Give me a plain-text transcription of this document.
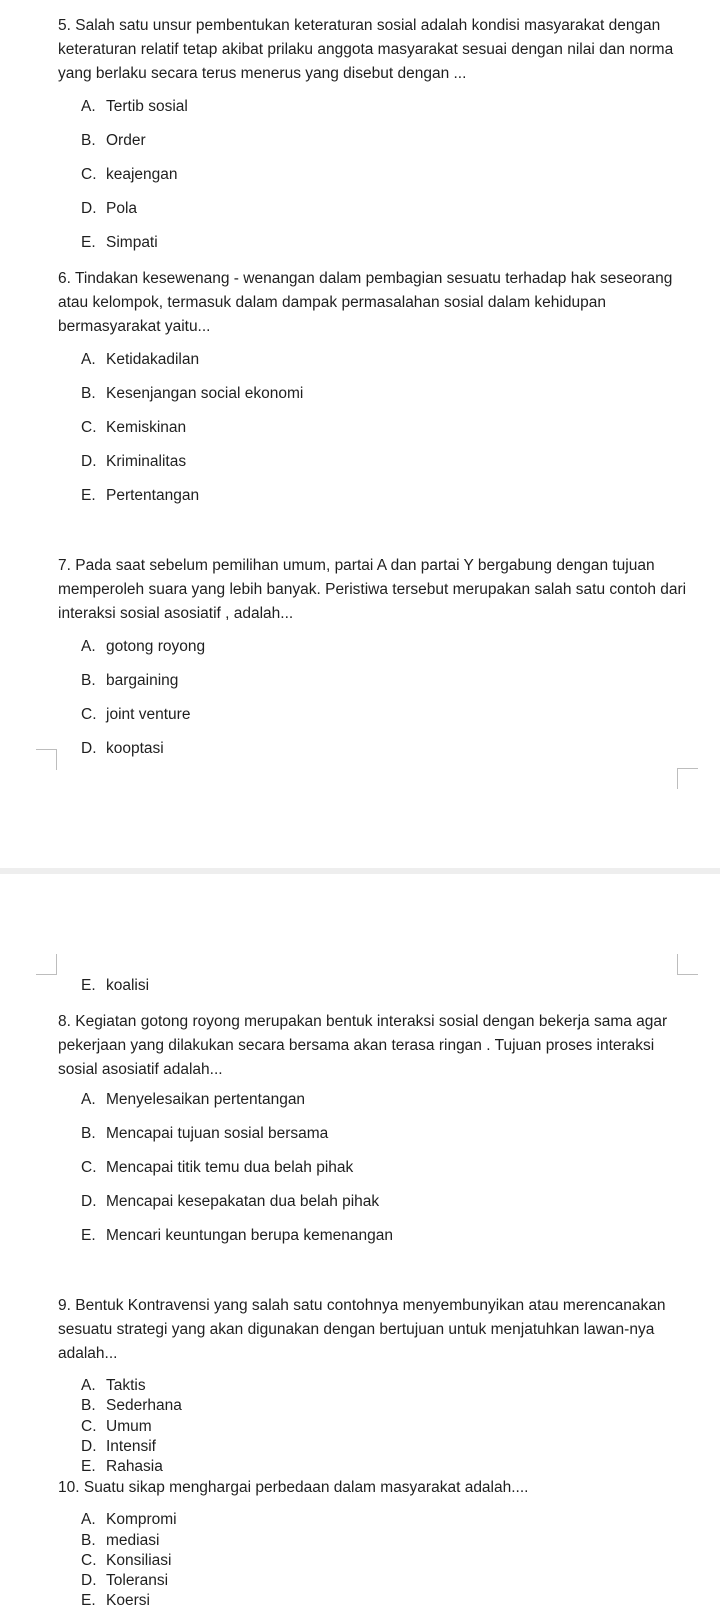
5. Salah satu unsur pembentukan keteraturan sosial adalah kondisi masyarakat dengan keteraturan relatif tetap akibat prilaku anggota masyarakat sesuai dengan nilai dan norma yang berlaku secara terus menerus yang disebut dengan ...
A. Tertib sosial
B. Order
C. keajengan
D. Pola
E. Simpati
6. Tindakan kesewenang - wenangan dalam pembagian sesuatu terhadap hak seseorang atau kelompok, termasuk dalam dampak permasalahan sosial dalam kehidupan bermasyarakat yaitu...
A. Ketidakadilan
B. Kesenjangan social ekonomi
C. Kemiskinan
D. Kriminalitas
E. Pertentangan
7. Pada saat sebelum pemilihan umum, partai A dan partai Y bergabung dengan tujuan memperoleh suara yang lebih banyak. Peristiwa tersebut merupakan salah satu contoh dari interaksi sosial asosiatif , adalah...
A. gotong royong
B. bargaining
C. joint venture
D. kooptasi
E. koalisi
8. Kegiatan gotong royong merupakan bentuk interaksi sosial dengan bekerja sama agar pekerjaan yang dilakukan secara bersama akan terasa ringan . Tujuan proses interaksi sosial asosiatif adalah...
A. Menyelesaikan pertentangan
B. Mencapai tujuan sosial bersama
C. Mencapai titik temu dua belah pihak
D. Mencapai kesepakatan dua belah pihak
E. Mencari keuntungan berupa kemenangan
9. Bentuk Kontravensi yang salah satu contohnya menyembunyikan atau merencanakan sesuatu strategi yang akan digunakan dengan bertujuan untuk menjatuhkan lawan-nya adalah...
A. Taktis
B. Sederhana
C. Umum
D. Intensif
E. Rahasia
10. Suatu sikap menghargai perbedaan dalam masyarakat adalah....
A. Kompromi
B. mediasi
C. Konsiliasi
D. Toleransi
E. Koersi
